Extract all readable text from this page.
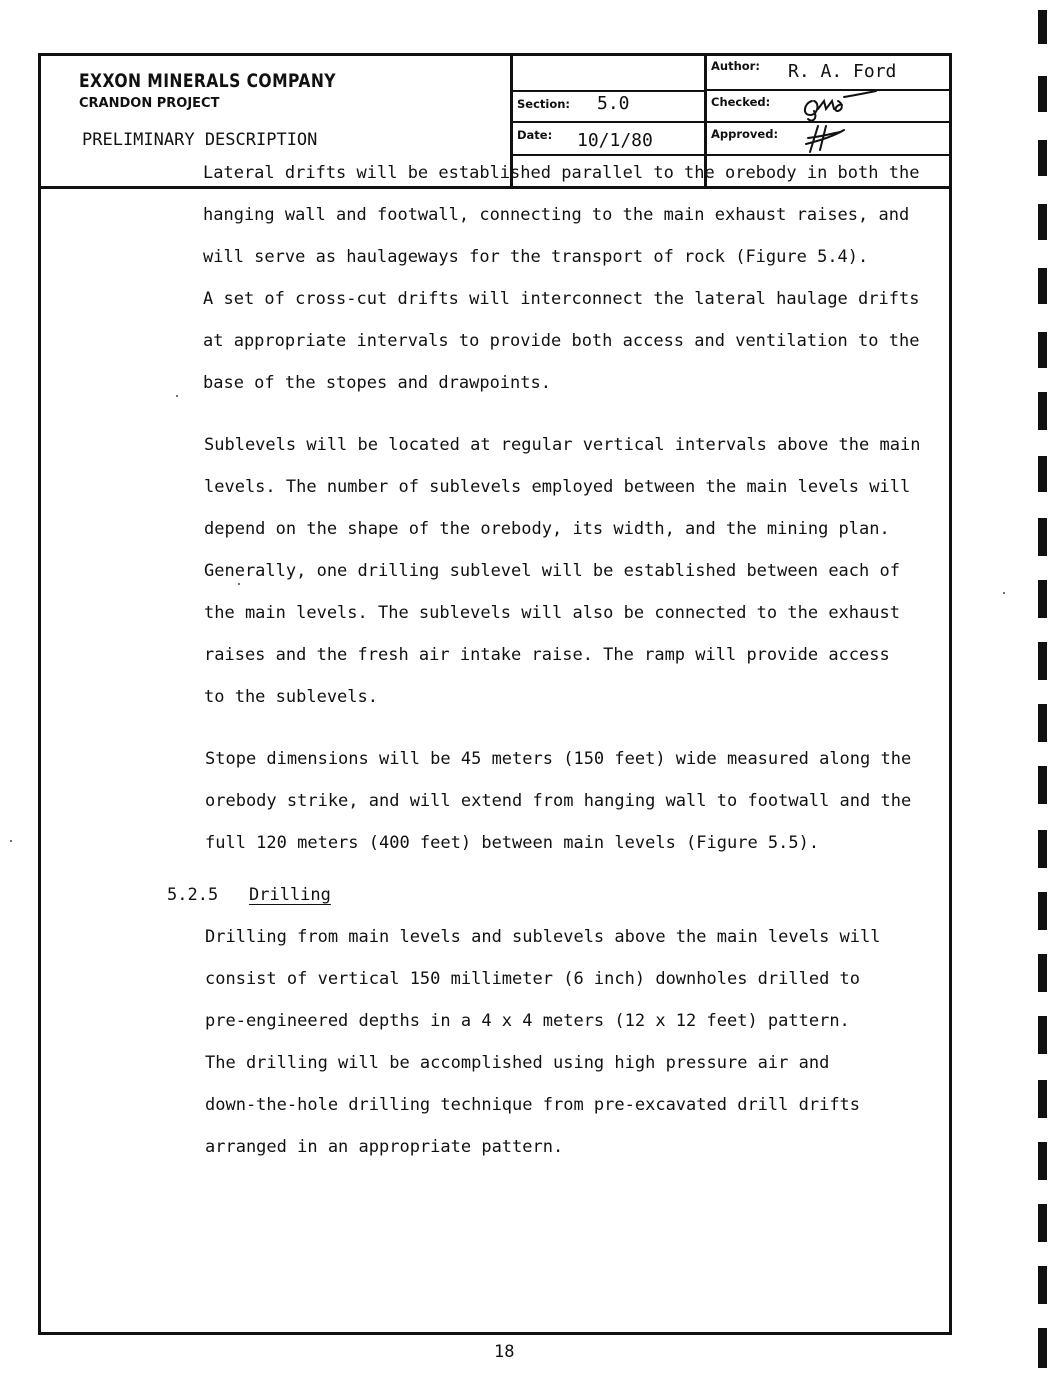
EXXON MINERALS COMPANY
CRANDON PROJECT
PRELIMINARY DESCRIPTION
Section: 5.0
Date: 10/1/80
Author: R. A. Ford
Checked:
Approved:

Lateral drifts will be established parallel to the orebody in both the

hanging wall and footwall, connecting to the main exhaust raises, and

will serve as haulageways for the transport of rock (Figure 5.4).

A set of cross-cut drifts will interconnect the lateral haulage drifts

at appropriate intervals to provide both access and ventilation to the

base of the stopes and drawpoints.

Sublevels will be located at regular vertical intervals above the main

levels. The number of sublevels employed between the main levels will

depend on the shape of the orebody, its width, and the mining plan.

Generally, one drilling sublevel will be established between each of

the main levels. The sublevels will also be connected to the exhaust

raises and the fresh air intake raise. The ramp will provide access

to the sublevels.

Stope dimensions will be 45 meters (150 feet) wide measured along the

orebody strike, and will extend from hanging wall to footwall and the

full 120 meters (400 feet) between main levels (Figure 5.5).

5.2.5	Drilling

Drilling from main levels and sublevels above the main levels will

consist of vertical 150 millimeter (6 inch) downholes drilled to

pre-engineered depths in a 4 x 4 meters (12 x 12 feet) pattern.

The drilling will be accomplished using high pressure air and

down-the-hole drilling technique from pre-excavated drill drifts

arranged in an appropriate pattern.

18
